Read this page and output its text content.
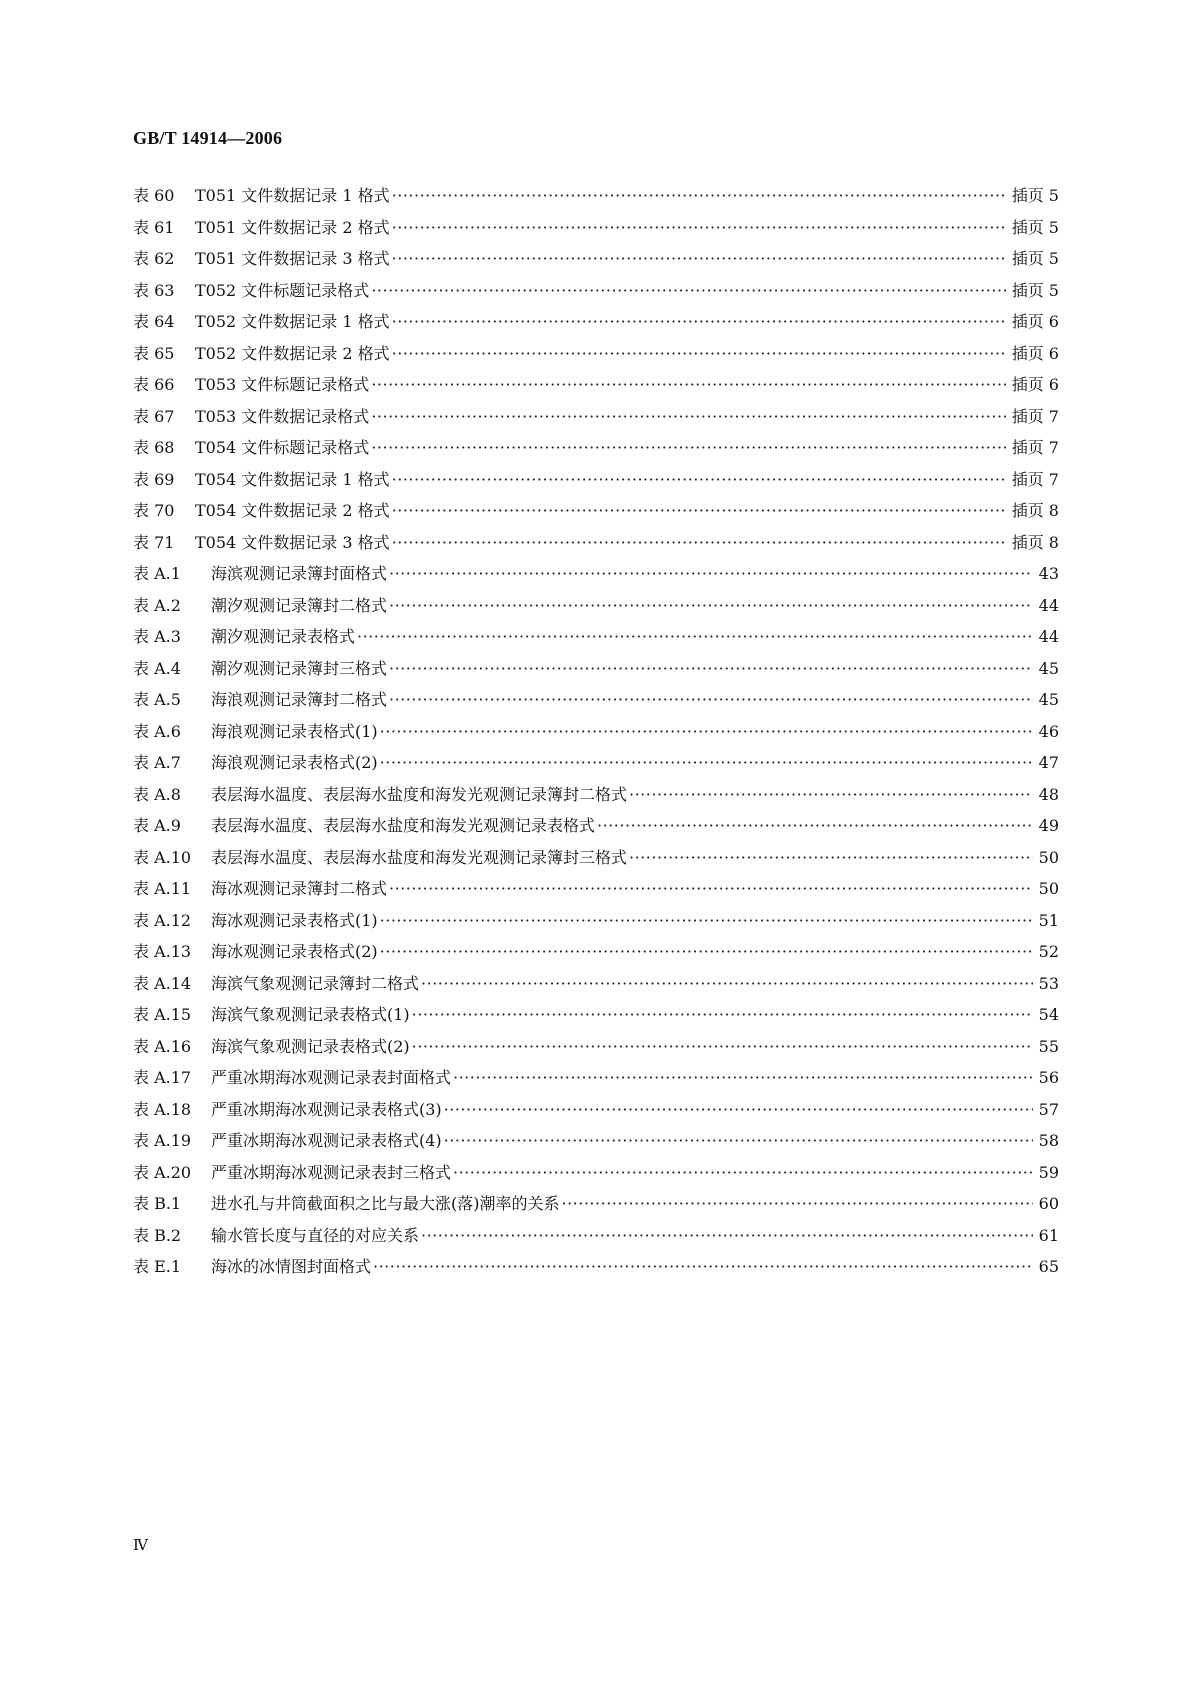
GB/T 14914—2006
表 60	T051 文件数据记录 1 格式 ·····	插页 5
表 61	T051 文件数据记录 2 格式 ·····	插页 5
表 62	T051 文件数据记录 3 格式 ·····	插页 5
表 63	T052 文件标题记录格式 ·····	插页 5
表 64	T052 文件数据记录 1 格式 ·····	插页 6
表 65	T052 文件数据记录 2 格式 ·····	插页 6
表 66	T053 文件标题记录格式 ·····	插页 6
表 67	T053 文件数据记录格式 ·····	插页 7
表 68	T054 文件标题记录格式 ·····	插页 7
表 69	T054 文件数据记录 1 格式 ·····	插页 7
表 70	T054 文件数据记录 2 格式 ·····	插页 8
表 71	T054 文件数据记录 3 格式 ·····	插页 8
表 A.1	海滨观测记录簿封面格式 ·····	43
表 A.2	潮汐观测记录簿封二格式 ·····	44
表 A.3	潮汐观测记录表格式 ·····	44
表 A.4	潮汐观测记录簿封三格式 ·····	45
表 A.5	海浪观测记录簿封二格式 ·····	45
表 A.6	海浪观测记录表格式(1) ·····	46
表 A.7	海浪观测记录表格式(2) ·····	47
表 A.8	表层海水温度、表层海水盐度和海发光观测记录簿封二格式 ·····	48
表 A.9	表层海水温度、表层海水盐度和海发光观测记录表格式 ·····	49
表 A.10	表层海水温度、表层海水盐度和海发光观测记录簿封三格式 ·····	50
表 A.11	海冰观测记录簿封二格式 ·····	50
表 A.12	海冰观测记录表格式(1) ·····	51
表 A.13	海冰观测记录表格式(2) ·····	52
表 A.14	海滨气象观测记录簿封二格式 ·····	53
表 A.15	海滨气象观测记录表格式(1) ·····	54
表 A.16	海滨气象观测记录表格式(2) ·····	55
表 A.17	严重冰期海冰观测记录表封面格式 ·····	56
表 A.18	严重冰期海冰观测记录表格式(3) ·····	57
表 A.19	严重冰期海冰观测记录表格式(4) ·····	58
表 A.20	严重冰期海冰观测记录表封三格式 ·····	59
表 B.1	进水孔与井筒截面积之比与最大涨(落)潮率的关系 ·····	60
表 B.2	输水管长度与直径的对应关系 ·····	61
表 E.1	海冰的冰情图封面格式 ·····	65
Ⅳ
